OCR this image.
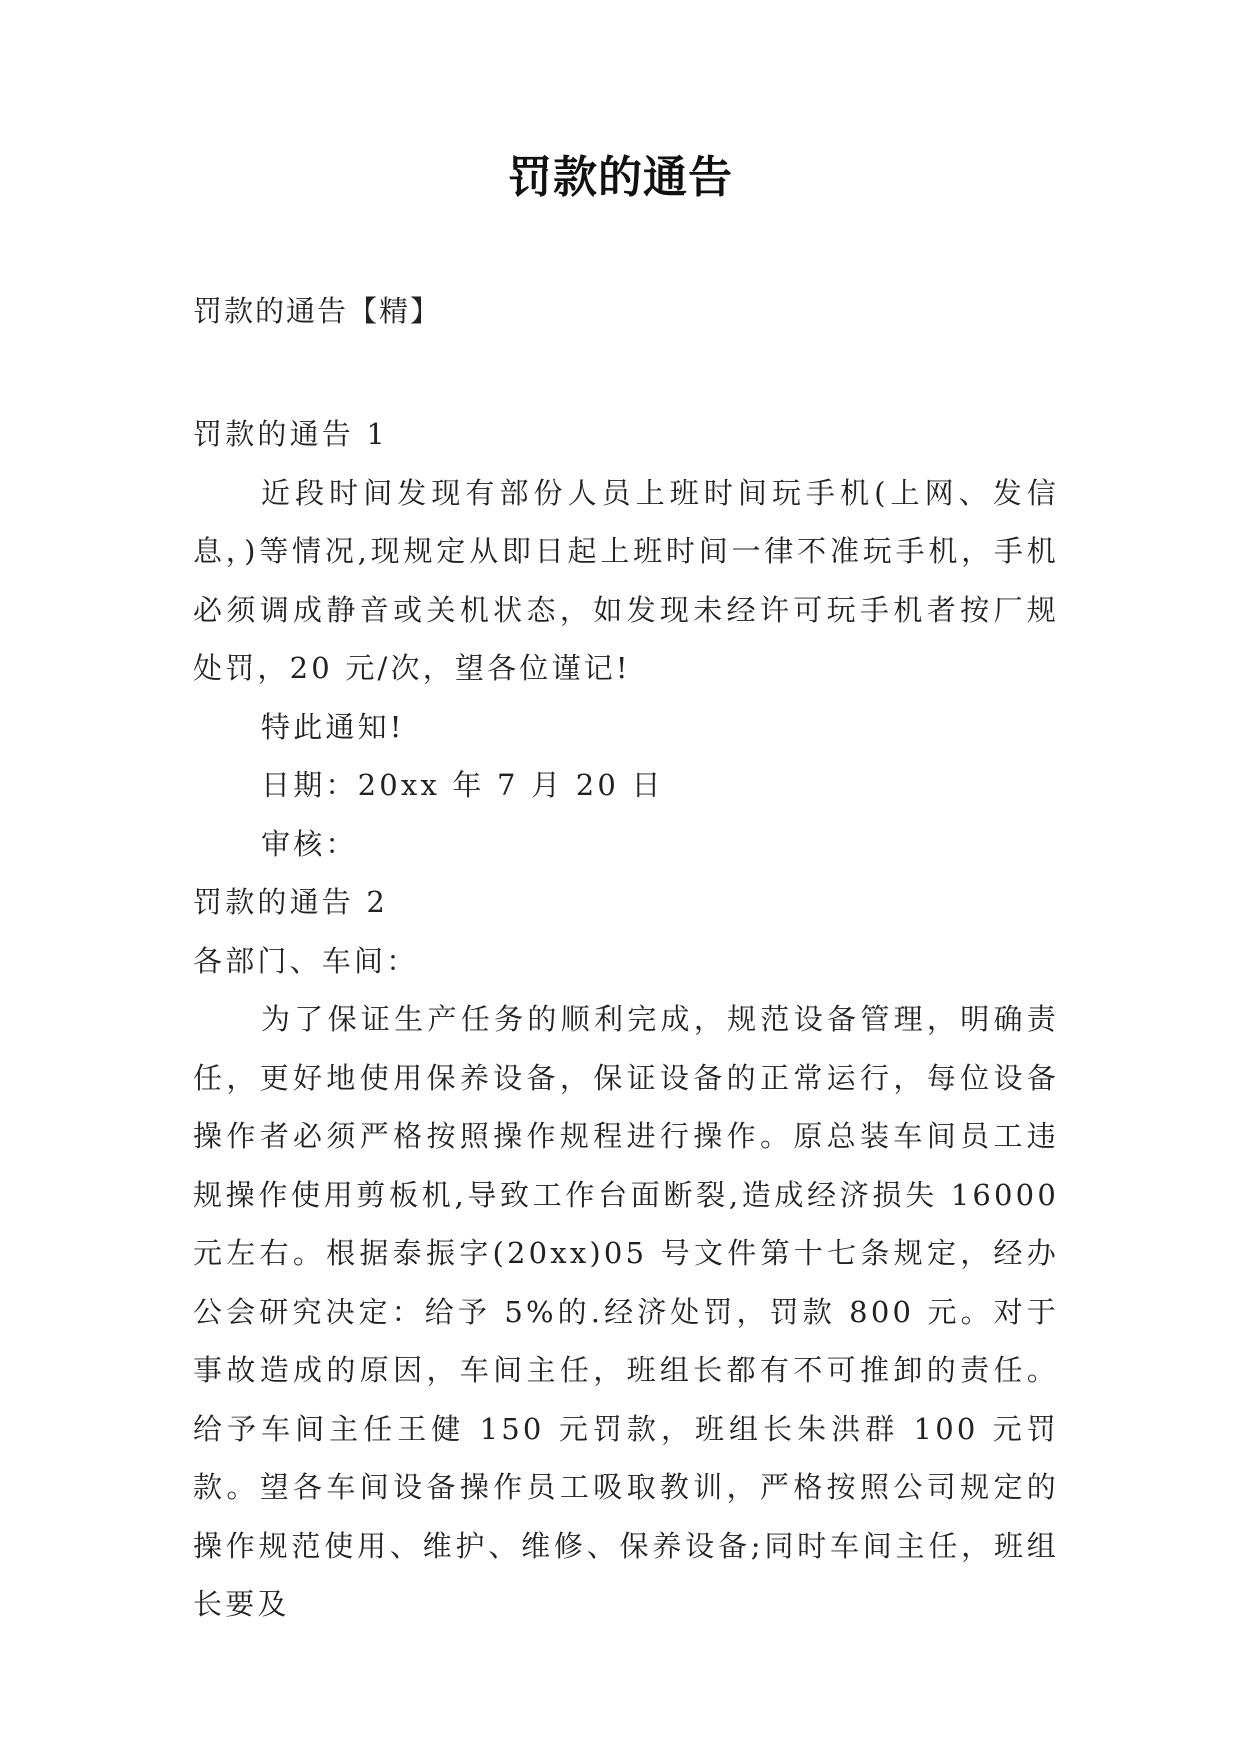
罚款的通告
罚款的通告【精】

罚款的通告 1

近段时间发现有部份人员上班时间玩手机(上网、发信息，)等情况,现规定从即日起上班时间一律不准玩手机，手机必须调成静音或关机状态，如发现未经许可玩手机者按厂规处罚，20 元/次，望各位谨记!

特此通知!

日期：20xx 年 7 月 20 日

审核：

罚款的通告 2

各部门、车间：

为了保证生产任务的顺利完成，规范设备管理，明确责任，更好地使用保养设备，保证设备的正常运行，每位设备操作者必须严格按照操作规程进行操作。原总装车间员工违规操作使用剪板机,导致工作台面断裂,造成经济损失 16000元左右。根据泰振字(20xx)05 号文件第十七条规定，经办公会研究决定：给予 5%的.经济处罚，罚款 800 元。对于事故造成的原因，车间主任，班组长都有不可推卸的责任。给予车间主任王健 150 元罚款，班组长朱洪群 100 元罚款。望各车间设备操作员工吸取教训，严格按照公司规定的操作规范使用、维护、维修、保养设备;同时车间主任，班组长要及
